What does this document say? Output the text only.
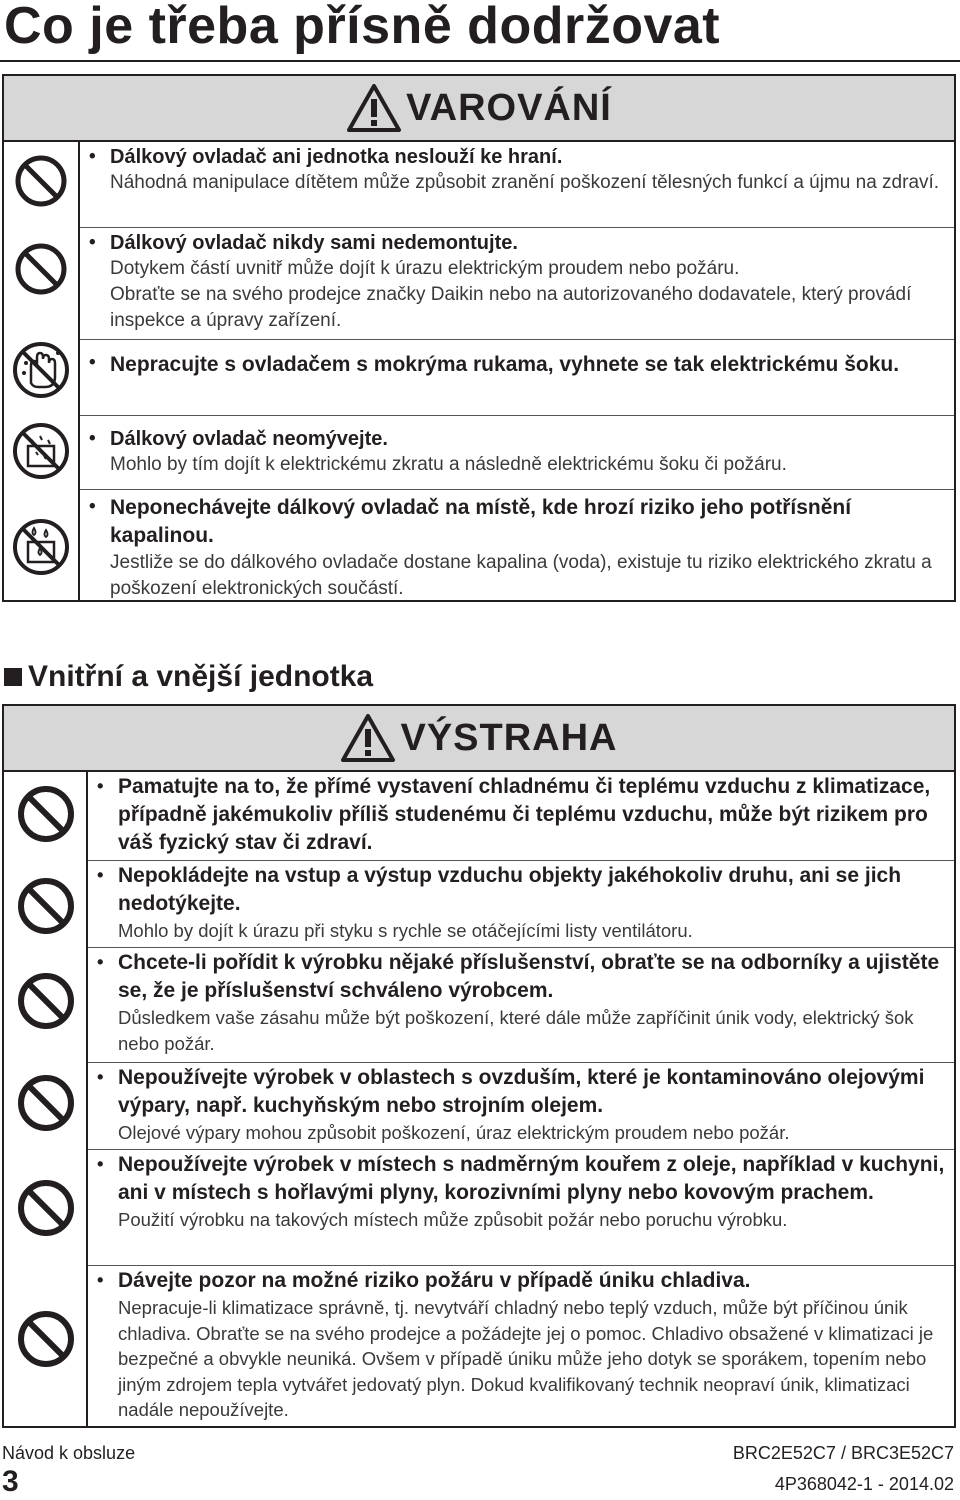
Co je třeba přísně dodržovat
VAROVÁNÍ
• Dálkový ovladač ani jednotka neslouží ke hraní.
Náhodná manipulace dítětem může způsobit zranění poškození tělesných funkcí a újmu na zdraví.
• Dálkový ovladač nikdy sami nedemontujte.
Dotykem částí uvnitř může dojít k úrazu elektrickým proudem nebo požáru.
Obraťte se na svého prodejce značky Daikin nebo na autorizovaného dodavatele, který provádí inspekce a úpravy zařízení.
• Nepracujte s ovladačem s mokrýma rukama, vyhnete se tak elektrickému šoku.
• Dálkový ovladač neomývejte.
Mohlo by tím dojít k elektrickému zkratu a následně elektrickému šoku či požáru.
• Neponechávejte dálkový ovladač na místě, kde hrozí riziko jeho potřísnění kapalinou.
Jestliže se do dálkového ovladače dostane kapalina (voda), existuje tu riziko elektrického zkratu a poškození elektronických součástí.
Vnitřní a vnější jednotka
VÝSTRAHA
• Pamatujte na to, že přímé vystavení chladnému či teplému vzduchu z klimatizace, případně jakémukoliv příliš studenému či teplému vzduchu, může být rizikem pro váš fyzický stav či zdraví.
• Nepokládejte na vstup a výstup vzduchu objekty jakéhokoliv druhu, ani se jich nedotýkejte.
Mohlo by dojít k úrazu při styku s rychle se otáčejícími listy ventilátoru.
• Chcete-li pořídit k výrobku nějaké příslušenství, obraťte se na odborníky a ujistěte se, že je příslušenství schváleno výrobcem.
Důsledkem vaše zásahu může být poškození, které dále může zapříčinit únik vody, elektrický šok nebo požár.
• Nepoužívejte výrobek v oblastech s ovzduším, které je kontaminováno olejovými výpary, např. kuchyňským nebo strojním olejem.
Olejové výpary mohou způsobit poškození, úraz elektrickým proudem nebo požár.
• Nepoužívejte výrobek v místech s nadměrným kouřem z oleje, například v kuchyni, ani v místech s hořlavými plyny, korozivními plyny nebo kovovým prachem.
Použití výrobku na takových místech může způsobit požár nebo poruchu výrobku.
• Dávejte pozor na možné riziko požáru v případě úniku chladiva.
Nepracuje-li klimatizace správně, tj. nevytváří chladný nebo teplý vzduch, může být příčinou únik chladiva. Obraťte se na svého prodejce a požádejte jej o pomoc. Chladivo obsažené v klimatizaci je bezpečné a obvykle neuniká. Ovšem v případě úniku může jeho dotyk se sporákem, topením nebo jiným zdrojem tepla vytvářet jedovatý plyn. Dokud kvalifikovaný technik neopraví únik, klimatizaci nadále nepoužívejte.
Návod k obsluze
3
BRC2E52C7 / BRC3E52C7
4P368042-1 - 2014.02
